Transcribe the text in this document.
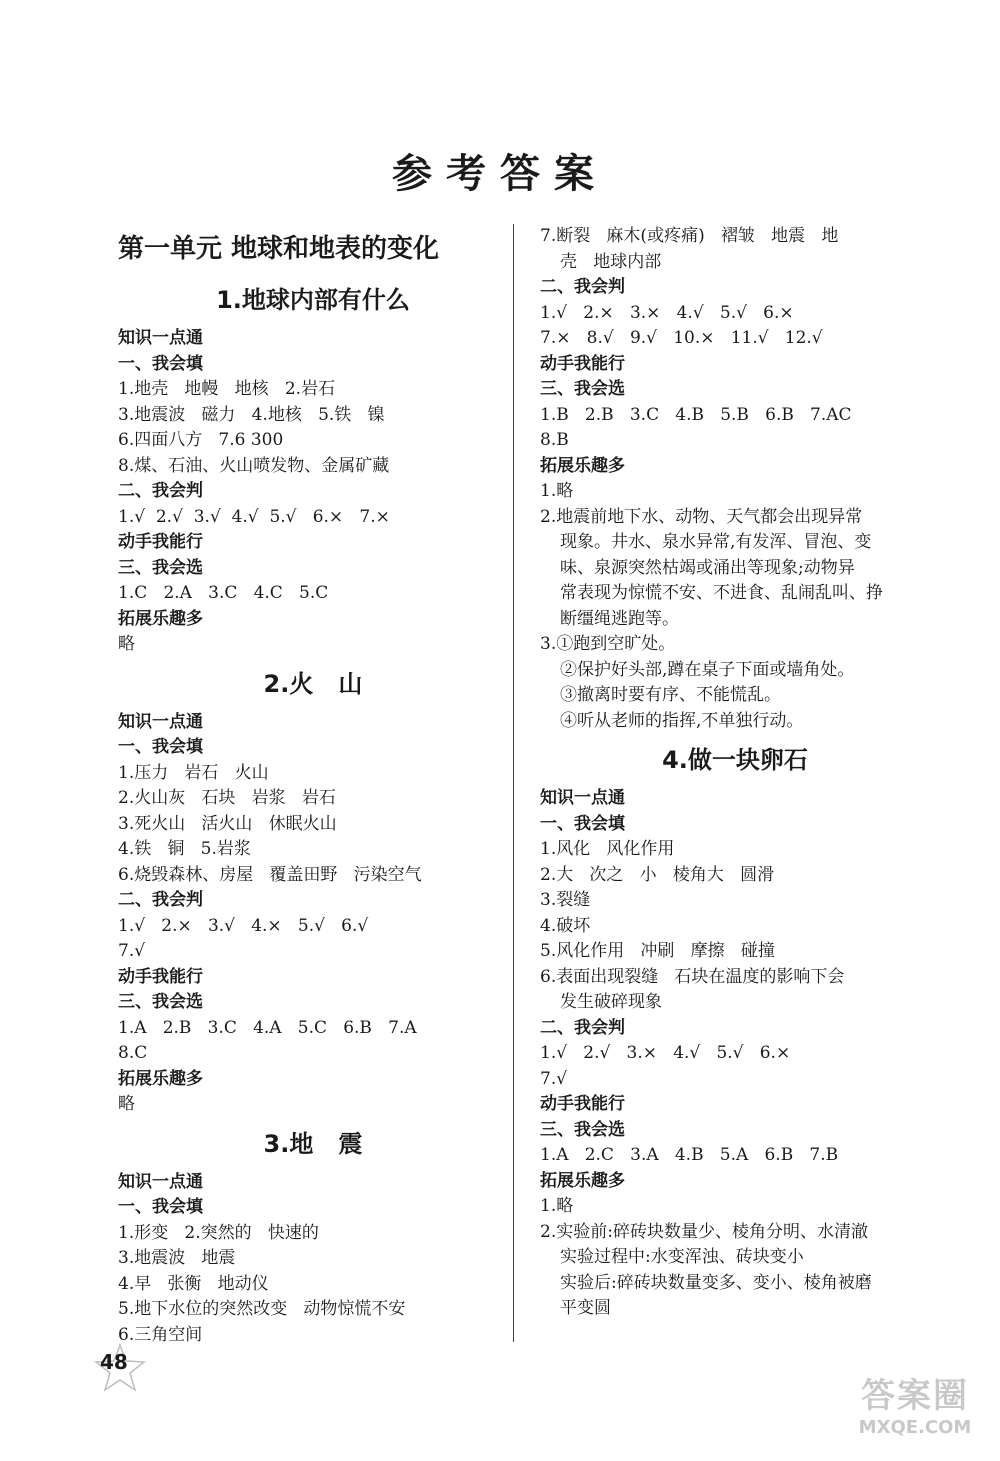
参考答案
第一单元 地球和地表的变化
1.地球内部有什么
知识一点通
一、我会填
1.地壳   地幔   地核   2.岩石
3.地震波   磁力   4.地核   5.铁   镍
6.四面八方   7.6 300
8.煤、石油、火山喷发物、金属矿藏
二、我会判
1.√  2.√  3.√  4.√  5.√   6.×   7.×
动手我能行
三、我会选
1.C   2.A   3.C   4.C   5.C
拓展乐趣多
略
2.火   山
知识一点通
一、我会填
1.压力   岩石   火山
2.火山灰   石块   岩浆   岩石
3.死火山   活火山   休眠火山
4.铁   铜   5.岩浆
6.烧毁森林、房屋   覆盖田野   污染空气
二、我会判
1.√   2.×   3.√   4.×   5.√   6.√
7.√
动手我能行
三、我会选
1.A   2.B   3.C   4.A   5.C   6.B   7.A
8.C
拓展乐趣多
略
3.地   震
知识一点通
一、我会填
1.形变   2.突然的   快速的
3.地震波   地震
4.早   张衡   地动仪
5.地下水位的突然改变   动物惊慌不安
6.三角空间
7.断裂   麻木(或疼痛)   褶皱   地震   地
壳   地球内部
二、我会判
1.√   2.×   3.×   4.√   5.√   6.×
7.×   8.√   9.√   10.×   11.√   12.√
动手我能行
三、我会选
1.B   2.B   3.C   4.B   5.B   6.B   7.AC
8.B
拓展乐趣多
1.略
2.地震前地下水、动物、天气都会出现异常
现象。井水、泉水异常,有发浑、冒泡、变
味、泉源突然枯竭或涌出等现象;动物异
常表现为惊慌不安、不进食、乱闹乱叫、挣
断缰绳逃跑等。
3.①跑到空旷处。
②保护好头部,蹲在桌子下面或墙角处。
③撤离时要有序、不能慌乱。
④听从老师的指挥,不单独行动。
4.做一块卵石
知识一点通
一、我会填
1.风化   风化作用
2.大   次之   小   棱角大   圆滑
3.裂缝
4.破坏
5.风化作用   冲刷   摩擦   碰撞
6.表面出现裂缝   石块在温度的影响下会
发生破碎现象
二、我会判
1.√   2.√   3.×   4.√   5.√   6.×
7.√
动手我能行
三、我会选
1.A   2.C   3.A   4.B   5.A   6.B   7.B
拓展乐趣多
1.略
2.实验前:碎砖块数量少、棱角分明、水清澈
实验过程中:水变浑浊、砖块变小
实验后:碎砖块数量变多、变小、棱角被磨
平变圆
48
答案圈
MXQE.COM
